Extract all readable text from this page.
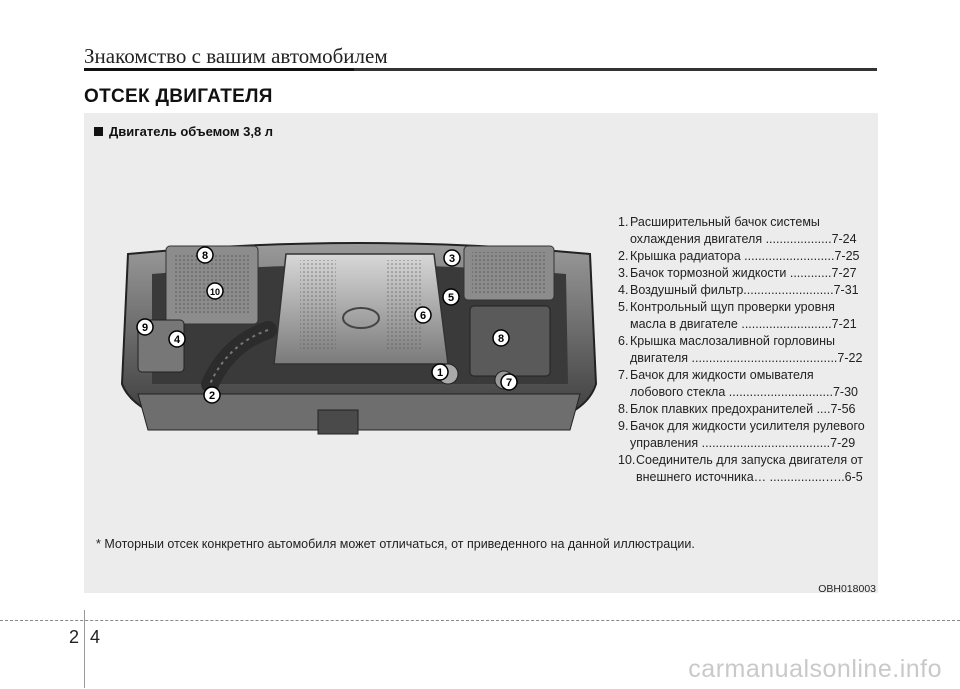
Знакомство с вашим автомобилем
ОТСЕК ДВИГАТЕЛЯ
Двигатель объемом 3,8 л
8
10
9
4
2
3
5
6
8
1
7
1. Расширительный бачок системы
охлаждения двигателя ...................7-24
2. Крышка радиатора ..........................7-25
3. Бачок тормозной жидкости ............7-27
4. Воздушный фильтр..........................7-31
5. Контрольный щуп проверки уровня
масла в двигателе ..........................7-21
6. Крышка маслозаливной горловины
двигателя ..........................................7-22
7. Бачок для жидкости омывателя
лобового стекла ..............................7-30
8. Блок плавких предохранителей ....7-56
9. Бачок для жидкости усилителя рулевого
управления .....................................7-29
10. Соединитель для запуска двигателя от
внешнего источника… ................…..6-5
* Моторныи отсек конкретнго аьтомобиля может отличаться, от приведенного на данной иллюстрации.
OBH018003
2 4
carmanualsonline.info
